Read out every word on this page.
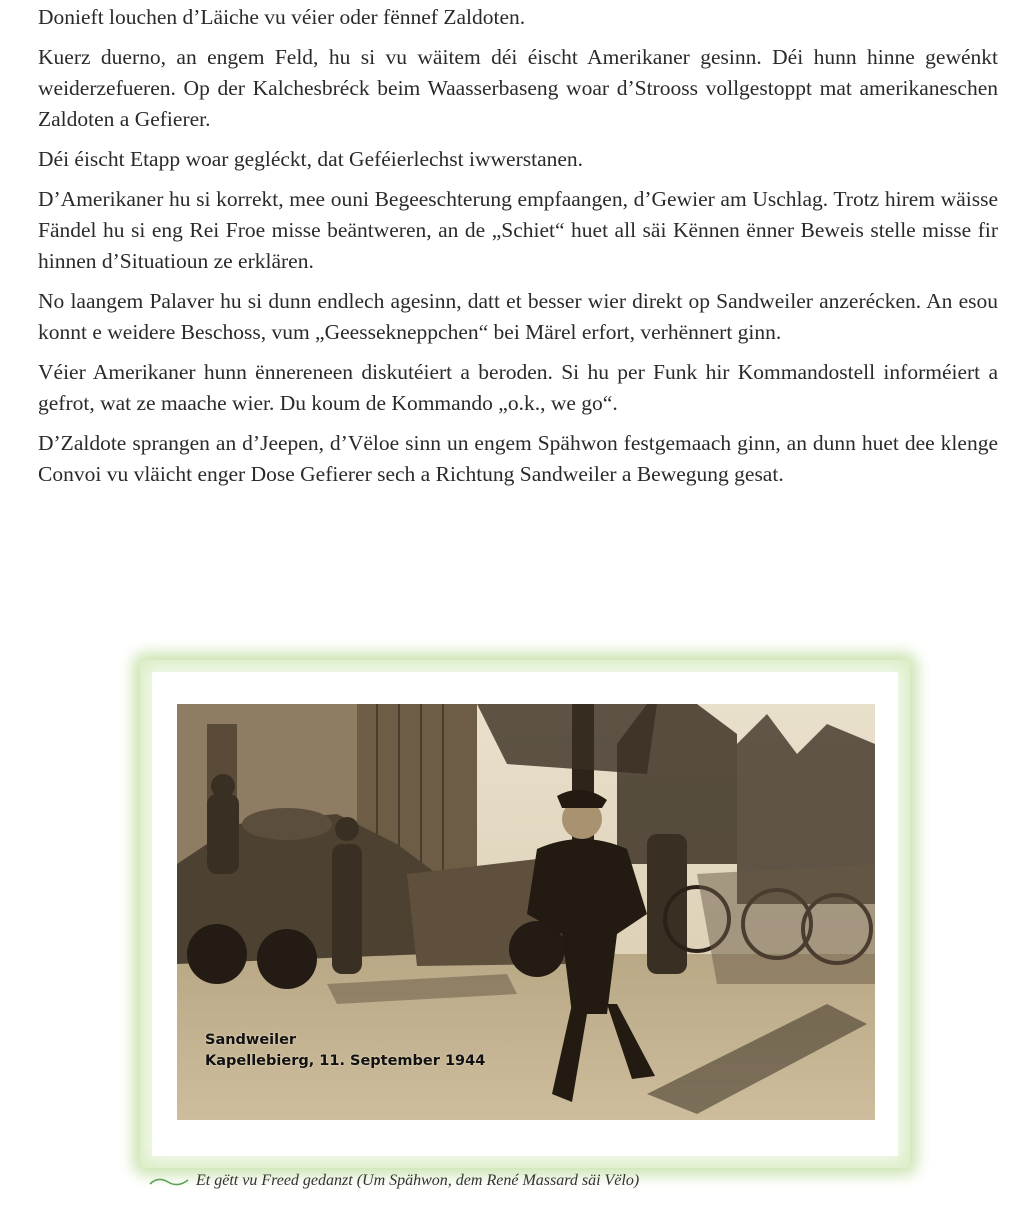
Donieft louchen d’Läiche vu véier oder fënnef Zaldoten.

Kuerz duerno, an engem Feld, hu si vu wäitem déi éischt Amerikaner gesinn. Déi hunn hinne gewénkt weiderzefueren. Op der Kalchesbréck beim Waasserbaseng woar d’Strooss vollgestoppt mat amerikaneschen Zaldoten a Gefierer.

Déi éischt Etapp woar gegléckt, dat Geféierlechst iwwerstanen.

D’Amerikaner hu si korrekt, mee ouni Begeeschterung empfaangen, d’Gewier am Uschlag. Trotz hirem wäisse Fändel hu si eng Rei Froe misse beäntweren, an de „Schiet“ huet all säi Kënnen ënner Beweis stelle misse fir hinnen d’Situatioun ze erklären.

No laangem Palaver hu si dunn endlech agesinn, datt et besser wier direkt op Sandweiler anzerécken. An esou konnt e weidere Beschoss, vum „Geessekneppchen“ bei Märel erfort, verhënnert ginn.

Véier Amerikaner hunn ënnereneen diskutéiert a beroden. Si hu per Funk hir Kommandostell informéiert a gefrot, wat ze maache wier. Du koum de Kommando „o.k., we go“.

D’Zaldote sprangen an d’Jeepen, d’Vëloe sinn un engem Spähwon festgemaach ginn, an dunn huet dee klenge Convoi vu vläicht enger Dose Gefierer sech a Richtung Sandweiler a Bewegung gesat.

Sandweiler
Kapellebierg, 11. September 1944
Et gëtt vu Freed gedanzt (Um Spähwon, dem René Massard säi Vëlo)
